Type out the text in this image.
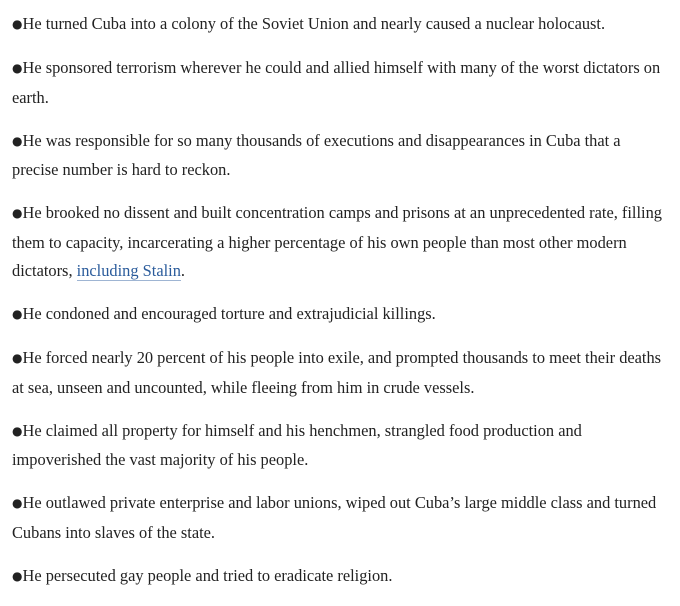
●He turned Cuba into a colony of the Soviet Union and nearly caused a nuclear holocaust.

●He sponsored terrorism wherever he could and allied himself with many of the worst dictators on earth.

●He was responsible for so many thousands of executions and disappearances in Cuba that a precise number is hard to reckon.

●He brooked no dissent and built concentration camps and prisons at an unprecedented rate, filling them to capacity, incarcerating a higher percentage of his own people than most other modern dictators, including Stalin.

●He condoned and encouraged torture and extrajudicial killings.

●He forced nearly 20 percent of his people into exile, and prompted thousands to meet their deaths at sea, unseen and uncounted, while fleeing from him in crude vessels.

●He claimed all property for himself and his henchmen, strangled food production and impoverished the vast majority of his people.

●He outlawed private enterprise and labor unions, wiped out Cuba’s large middle class and turned Cubans into slaves of the state.

●He persecuted gay people and tried to eradicate religion.
